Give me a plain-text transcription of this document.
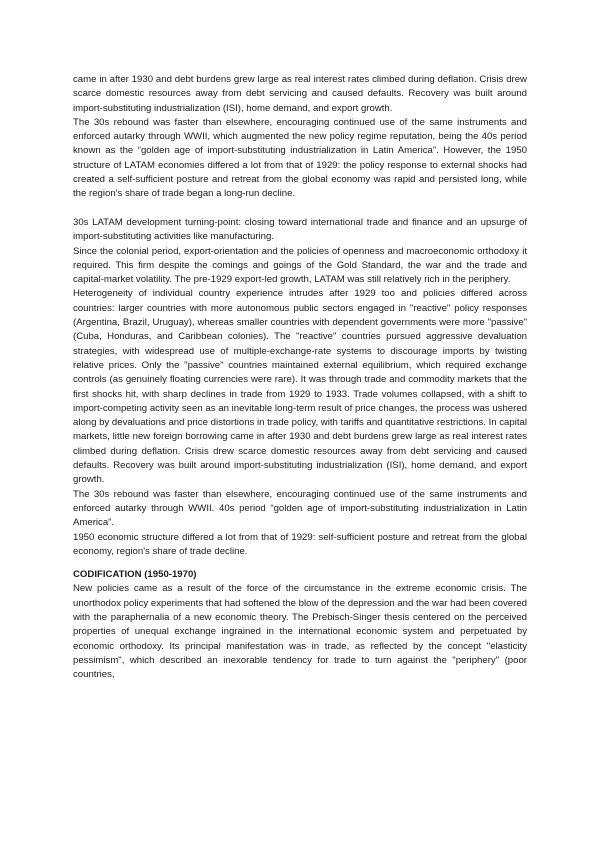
came in after 1930 and debt burdens grew large as real interest rates climbed during deflation. Crisis drew scarce domestic resources away from debt servicing and caused defaults. Recovery was built around import-substituting industrialization (ISI), home demand, and export growth.

The 30s rebound was faster than elsewhere, encouraging continued use of the same instruments and enforced autarky through WWII, which augmented the new policy regime reputation, being the 40s period known as the “golden age of import-substituting industrialization in Latin America”. However, the 1950 structure of LATAM economies differed a lot from that of 1929: the policy response to external shocks had created a self-sufficient posture and retreat from the global economy was rapid and persisted long, while the region's share of trade began a long-run decline.

30s LATAM development turning-point: closing toward international trade and finance and an upsurge of import-substituting activities like manufacturing.

Since the colonial period, export-orientation and the policies of openness and macroeconomic orthodoxy it required. This firm despite the comings and goings of the Gold Standard, the war and the trade and capital-market volatility. The pre-1929 export-led growth, LATAM was still relatively rich in the periphery.

Heterogeneity of individual country experience intrudes after 1929 too and policies differed across countries: larger countries with more autonomous public sectors engaged in "reactive" policy responses (Argentina, Brazil, Uruguay), whereas smaller countries with dependent governments were more "passive" (Cuba, Honduras, and Caribbean colonies). The "reactive" countries pursued aggressive devaluation strategies, with widespread use of multiple-exchange-rate systems to discourage imports by twisting relative prices. Only the "passive" countries maintained external equilibrium, which required exchange controls (as genuinely floating currencies were rare). It was through trade and commodity markets that the first shocks hit, with sharp declines in trade from 1929 to 1933. Trade volumes collapsed, with a shift to import-competing activity seen as an inevitable long-term result of price changes, the process was ushered along by devaluations and price distortions in trade policy, with tariffs and quantitative restrictions. In capital markets, little new foreign borrowing came in after 1930 and debt burdens grew large as real interest rates climbed during deflation. Crisis drew scarce domestic resources away from debt servicing and caused defaults. Recovery was built around import-substituting industrialization (ISI), home demand, and export growth.

The 30s rebound was faster than elsewhere, encouraging continued use of the same instruments and enforced autarky through WWII. 40s period “golden age of import-substituting industrialization in Latin America”.

1950 economic structure differed a lot from that of 1929: self-sufficient posture and retreat from the global economy, region's share of trade decline.

CODIFICATION (1950-1970)

New policies came as a result of the force of the circumstance in the extreme economic crisis. The unorthodox policy experiments that had softened the blow of the depression and the war had been covered with the paraphernalia of a new economic theory. The Prebisch-Singer thesis centered on the perceived properties of unequal exchange ingrained in the international economic system and perpetuated by economic orthodoxy. Its principal manifestation was in trade, as reflected by the concept "elasticity pessimism", which described an inexorable tendency for trade to turn against the "periphery" (poor countries,
